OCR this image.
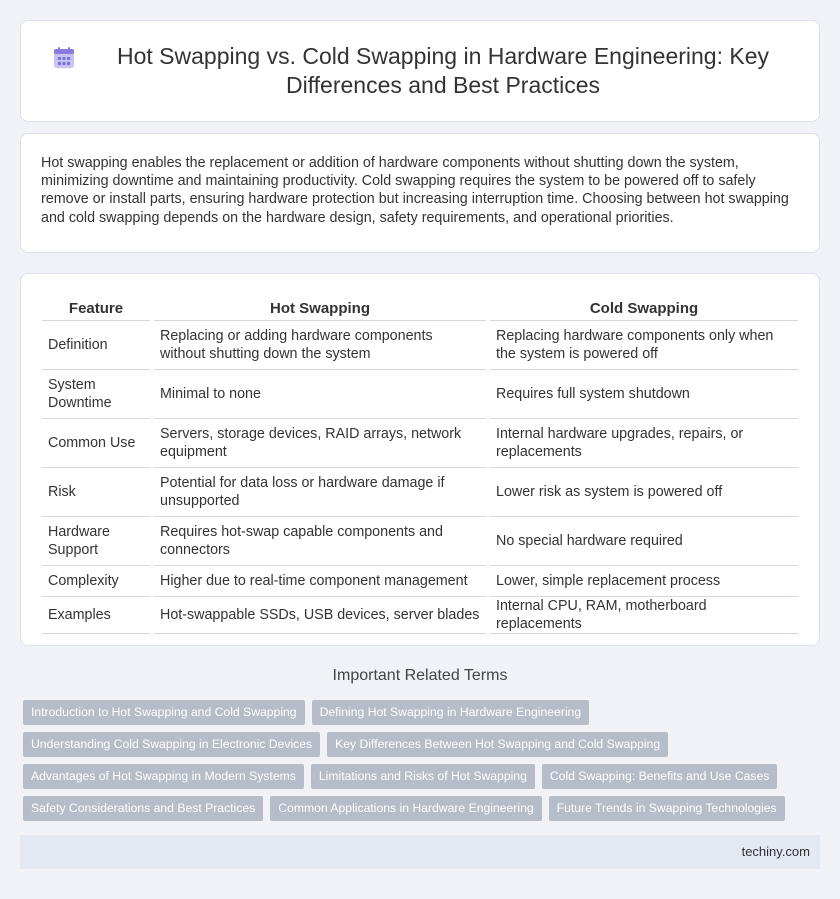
Hot Swapping vs. Cold Swapping in Hardware Engineering: Key Differences and Best Practices

Hot swapping enables the replacement or addition of hardware components without shutting down the system, minimizing downtime and maintaining productivity. Cold swapping requires the system to be powered off to safely remove or install parts, ensuring hardware protection but increasing interruption time. Choosing between hot swapping and cold swapping depends on the hardware design, safety requirements, and operational priorities.

Feature	Hot Swapping	Cold Swapping
Definition	Replacing or adding hardware components without shutting down the system	Replacing hardware components only when the system is powered off
System Downtime	Minimal to none	Requires full system shutdown
Common Use	Servers, storage devices, RAID arrays, network equipment	Internal hardware upgrades, repairs, or replacements
Risk	Potential for data loss or hardware damage if unsupported	Lower risk as system is powered off
Hardware Support	Requires hot-swap capable components and connectors	No special hardware required
Complexity	Higher due to real-time component management	Lower, simple replacement process
Examples	Hot-swappable SSDs, USB devices, server blades	Internal CPU, RAM, motherboard replacements
Important Related Terms
Introduction to Hot Swapping and Cold Swapping	Defining Hot Swapping in Hardware Engineering
Understanding Cold Swapping in Electronic Devices	Key Differences Between Hot Swapping and Cold Swapping
Advantages of Hot Swapping in Modern Systems	Limitations and Risks of Hot Swapping	Cold Swapping: Benefits and Use Cases
Safety Considerations and Best Practices	Common Applications in Hardware Engineering	Future Trends in Swapping Technologies
techiny.com
